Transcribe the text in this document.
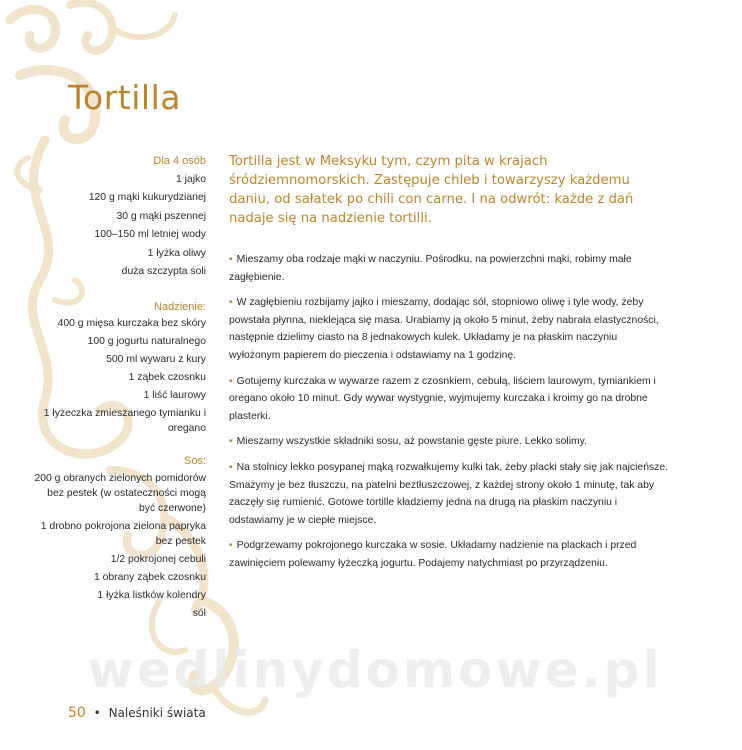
Tortilla
Dla 4 osób
1 jajko
120 g mąki kukurydzianej
30 g mąki pszennej
100–150 ml letniej wody
1 łyżka oliwy
duża szczypta soli
Nadzienie:
400 g mięsa kurczaka bez skóry
100 g jogurtu naturalnego
500 ml wywaru z kury
1 ząbek czosnku
1 liść laurowy
1 łyżeczka zmieszanego tymianku i oregano
Sos:
200 g obranych zielonych pomidorów bez pestek (w ostateczności mogą być czerwone)
1 drobno pokrojona zielona papryka bez pestek
1/2 pokrojonej cebuli
1 obrany ząbek czosnku
1 łyżka listków kolendry
sól

Tortilla jest w Meksyku tym, czym pita w krajach śródziemnomorskich. Zastępuje chleb i towarzyszy każdemu daniu, od sałatek po chili con carne. I na odwrót: każde z dań nadaje się na nadzienie tortilli.

• Mieszamy oba rodzaje mąki w naczyniu. Pośrodku, na powierzchni mąki, robimy małe zagłębienie.

• W zagłębieniu rozbijamy jajko i mieszamy, dodając sól, stopniowo oliwę i tyle wody, żeby powstała płynna, nieklejąca się masa. Urabiamy ją około 5 minut, żeby nabrała elastyczności, następnie dzielimy ciasto na 8 jednakowych kulek. Układamy je na płaskim naczyniu wyłożonym papierem do pieczenia i odstawiamy na 1 godzinę.

• Gotujemy kurczaka w wywarze razem z czosnkiem, cebulą, liściem laurowym, tymiankiem i oregano około 10 minut. Gdy wywar wystygnie, wyjmujemy kurczaka i kroimy go na drobne plasterki.

• Mieszamy wszystkie składniki sosu, aż powstanie gęste piure. Lekko solimy.

• Na stolnicy lekko posypanej mąką rozwałkujemy kulki tak, żeby placki stały się jak najcieńsze. Smażymy je bez tłuszczu, na patelni beztłuszczowej, z każdej strony około 1 minutę, tak aby zaczęły się rumienić. Gotowe tortille kładziemy jedna na drugą na płaskim naczyniu i odstawiamy je w ciepłe miejsce.

• Podgrzewamy pokrojonego kurczaka w sosie. Układamy nadzienie na plackach i przed zawinięciem polewamy łyżeczką jogurtu. Podajemy natychmiast po przyrządzeniu.

wedlinydomowe.pl
50 • Naleśniki świata
